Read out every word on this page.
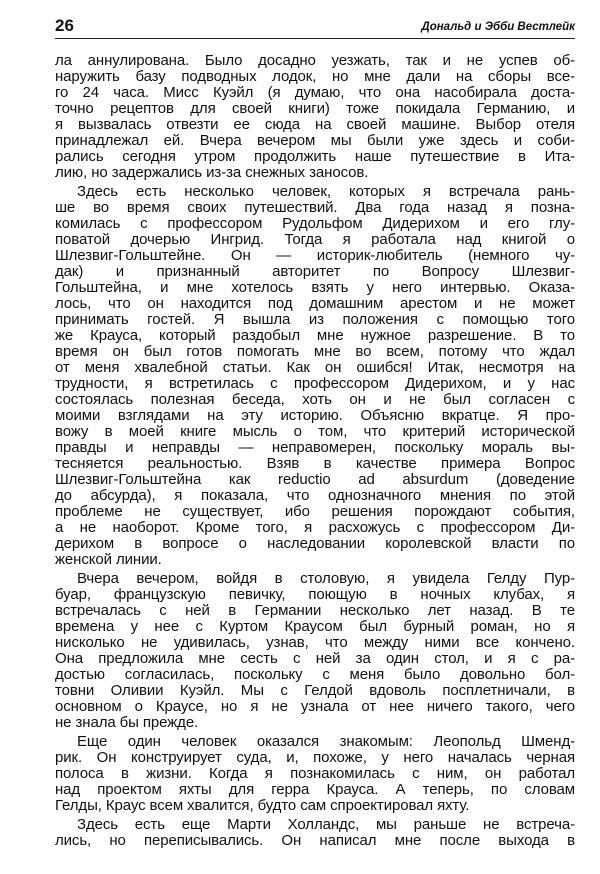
26	Дональд и Эбби Вестлейк
ла аннулирована. Было досадно уезжать, так и не успев об-
наружить базу подводных лодок, но мне дали на сборы все-
го 24 часа. Мисс Куэйл (я думаю, что она насобирала доста-
точно рецептов для своей книги) тоже покидала Германию, и
я вызвалась отвезти ее сюда на своей машине. Выбор отеля
принадлежал ей. Вчера вечером мы были уже здесь и соби-
рались сегодня утром продолжить наше путешествие в Ита-
лию, но задержались из-за снежных заносов.
Здесь есть несколько человек, которых я встречала рань-
ше во время своих путешествий. Два года назад я позна-
комилась с профессором Рудольфом Дидерихом и его глу-
поватой дочерью Ингрид. Тогда я работала над книгой о
Шлезвиг-Гольштейне. Он — историк-любитель (немного чу-
дак) и признанный авторитет по Вопросу Шлезвиг-
Гольштейна, и мне хотелось взять у него интервью. Оказа-
лось, что он находится под домашним арестом и не может
принимать гостей. Я вышла из положения с помощью того
же Крауса, который раздобыл мне нужное разрешение. В то
время он был готов помогать мне во всем, потому что ждал
от меня хвалебной статьи. Как он ошибся! Итак, несмотря на
трудности, я встретилась с профессором Дидерихом, и у нас
состоялась полезная беседа, хоть он и не был согласен с
моими взглядами на эту историю. Объясню вкратце. Я про-
вожу в моей книге мысль о том, что критерий исторической
правды и неправды — неправомерен, поскольку мораль вы-
тесняется реальностью. Взяв в качестве примера Вопрос
Шлезвиг-Гольштейна как reductio ad absurdum (доведение
до абсурда), я показала, что однозначного мнения по этой
проблеме не существует, ибо решения порождают события,
а не наоборот. Кроме того, я расхожусь с профессором Ди-
дерихом в вопросе о наследовании королевской власти по
женской линии.
Вчера вечером, войдя в столовую, я увидела Гелду Пур-
буар, французскую певичку, поющую в ночных клубах, я
встречалась с ней в Германии несколько лет назад. В те
времена у нее с Куртом Краусом был бурный роман, но я
нисколько не удивилась, узнав, что между ними все кончено.
Она предложила мне сесть с ней за один стол, и я с ра-
достью согласилась, поскольку с меня было довольно бол-
товни Оливии Куэйл. Мы с Гелдой вдоволь посплетничали, в
основном о Краусе, но я не узнала от нее ничего такого, чего
не знала бы прежде.
Еще один человек оказался знакомым: Леопольд Шменд-
рик. Он конструирует суда, и, похоже, у него началась черная
полоса в жизни. Когда я познакомилась с ним, он работал
над проектом яхты для герра Крауса. А теперь, по словам
Гелды, Краус всем хвалится, будто сам спроектировал яхту.
Здесь есть еще Марти Холландс, мы раньше не встреча-
лись, но переписывались. Он написал мне после выхода в
